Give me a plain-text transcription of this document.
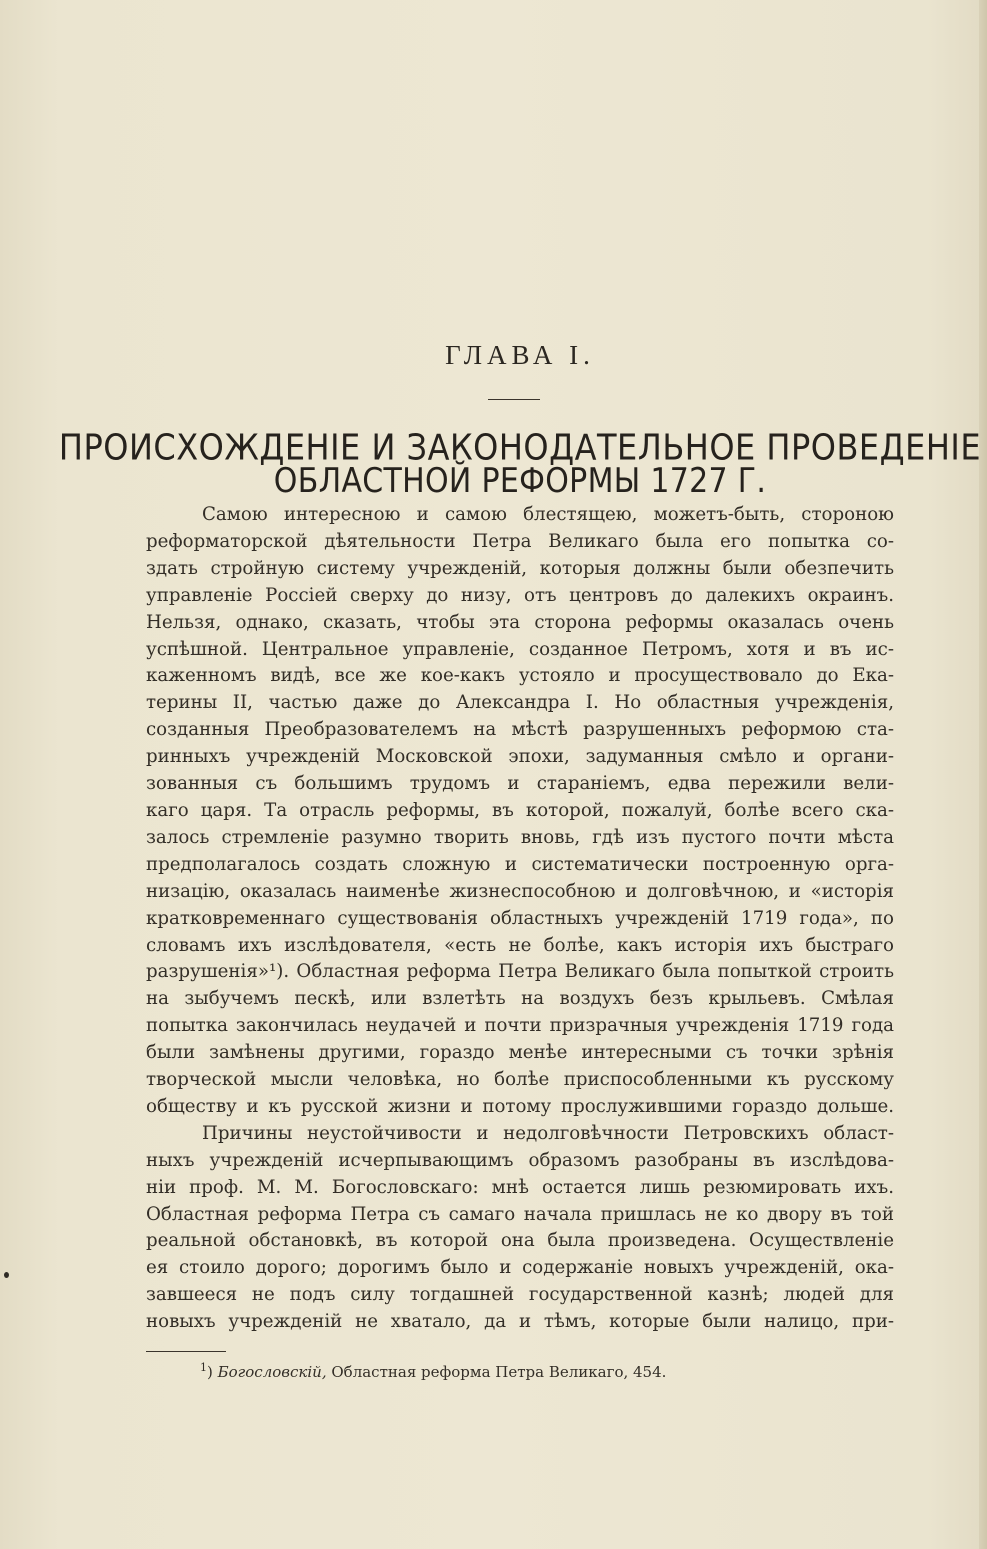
ГЛАВА I.
ПРОИСХОЖДЕНІЕ И ЗАКОНОДАТЕЛЬНОЕ ПРОВЕДЕНІЕ
ОБЛАСТНОЙ РЕФОРМЫ 1727 Г.

Самою интересною и самою блестящею, можетъ-быть, стороною
реформаторской дѣятельности Петра Великаго была его попытка со-
здать стройную систему учрежденій, которыя должны были обезпечить
управленіе Россіей сверху до низу, отъ центровъ до далекихъ окраинъ.
Нельзя, однако, сказать, чтобы эта сторона реформы оказалась очень
успѣшной. Центральное управленіе, созданное Петромъ, хотя и въ ис-
каженномъ видѣ, все же кое-какъ устояло и просуществовало до Ека-
терины II, частью даже до Александра I. Но областныя учрежденія,
созданныя Преобразователемъ на мѣстѣ разрушенныхъ реформою ста-
ринныхъ учрежденій Московской эпохи, задуманныя смѣло и органи-
зованныя съ большимъ трудомъ и стараніемъ, едва пережили вели-
каго царя. Та отрасль реформы, въ которой, пожалуй, болѣе всего ска-
залось стремленіе разумно творить вновь, гдѣ изъ пустого почти мѣста
предполагалось создать сложную и систематически построенную орга-
низацію, оказалась наименѣе жизнеспособною и долговѣчною, и «исторія
кратковременнаго существованія областныхъ учрежденій 1719 года», по
словамъ ихъ изслѣдователя, «есть не болѣе, какъ исторія ихъ быстраго
разрушенія»¹). Областная реформа Петра Великаго была попыткой строить
на зыбучемъ пескѣ, или взлетѣть на воздухъ безъ крыльевъ. Смѣлая
попытка закончилась неудачей и почти призрачныя учрежденія 1719 года
были замѣнены другими, гораздо менѣе интересными съ точки зрѣнія
творческой мысли человѣка, но болѣе приспособленными къ русскому
обществу и къ русской жизни и потому прослужившими гораздо дольше.

Причины неустойчивости и недолговѣчности Петровскихъ област-
ныхъ учрежденій исчерпывающимъ образомъ разобраны въ изслѣдова-
ніи проф. М. М. Богословскаго: мнѣ остается лишь резюмировать ихъ.
Областная реформа Петра съ самаго начала пришлась не ко двору въ той
реальной обстановкѣ, въ которой она была произведена. Осуществленіе
ея стоило дорого; дорогимъ было и содержаніе новыхъ учрежденій, ока-
завшееся не подъ силу тогдашней государственной казнѣ; людей для
новыхъ учрежденій не хватало, да и тѣмъ, которые были налицо, при-

$^1$) Богословскій, Областная реформа Петра Великаго, 454.
